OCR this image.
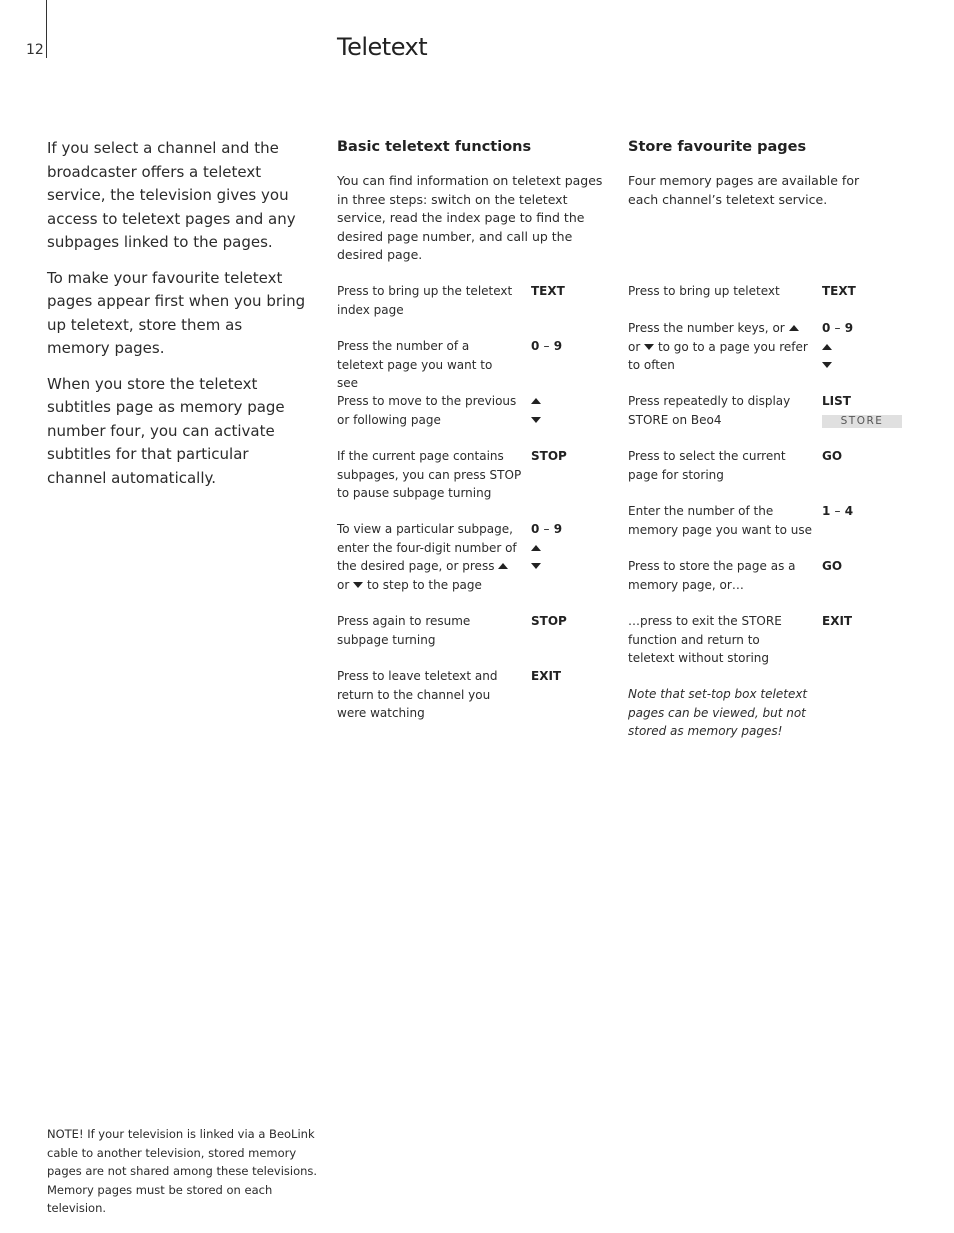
12	Teletext

If you select a channel and the broadcaster offers a teletext service, the television gives you access to teletext pages and any subpages linked to the pages.

To make your favourite teletext pages appear first when you bring up teletext, store them as memory pages.

When you store the teletext subtitles page as memory page number four, you can activate subtitles for that particular channel automatically.

Basic teletext functions
You can find information on teletext pages in three steps: switch on the teletext service, read the index page to find the desired page number, and call up the desired page.
Press to bring up the teletext index page
TEXT
Press the number of a teletext page you want to see
0 – 9
Press to move to the previous or following page
If the current page contains subpages, you can press STOP to pause subpage turning
STOP
To view a particular subpage, enter the four-digit number of the desired page, or press  or to step to the page
0 – 9
Press again to resume subpage turning
STOP
Press to leave teletext and return to the channel you were watching
EXIT
Store favourite pages
Four memory pages are available for each channel’s teletext service.
Press to bring up teletext	TEXT
Press the number keys, or  or to go to a page you refer to often
0 – 9
Press repeatedly to display STORE on Beo4
LIST
STORE
Press to select the current page for storing
GO
Enter the number of the memory page you want to use
1 – 4
Press to store the page as a memory page, or…
GO
…press to exit the STORE function and return to teletext without storing
EXIT
Note that set-top box teletext pages can be viewed, but not stored as memory pages!
NOTE! If your television is linked via a BeoLink cable to another television, stored memory pages are not shared among these televisions. Memory pages must be stored on each television.
